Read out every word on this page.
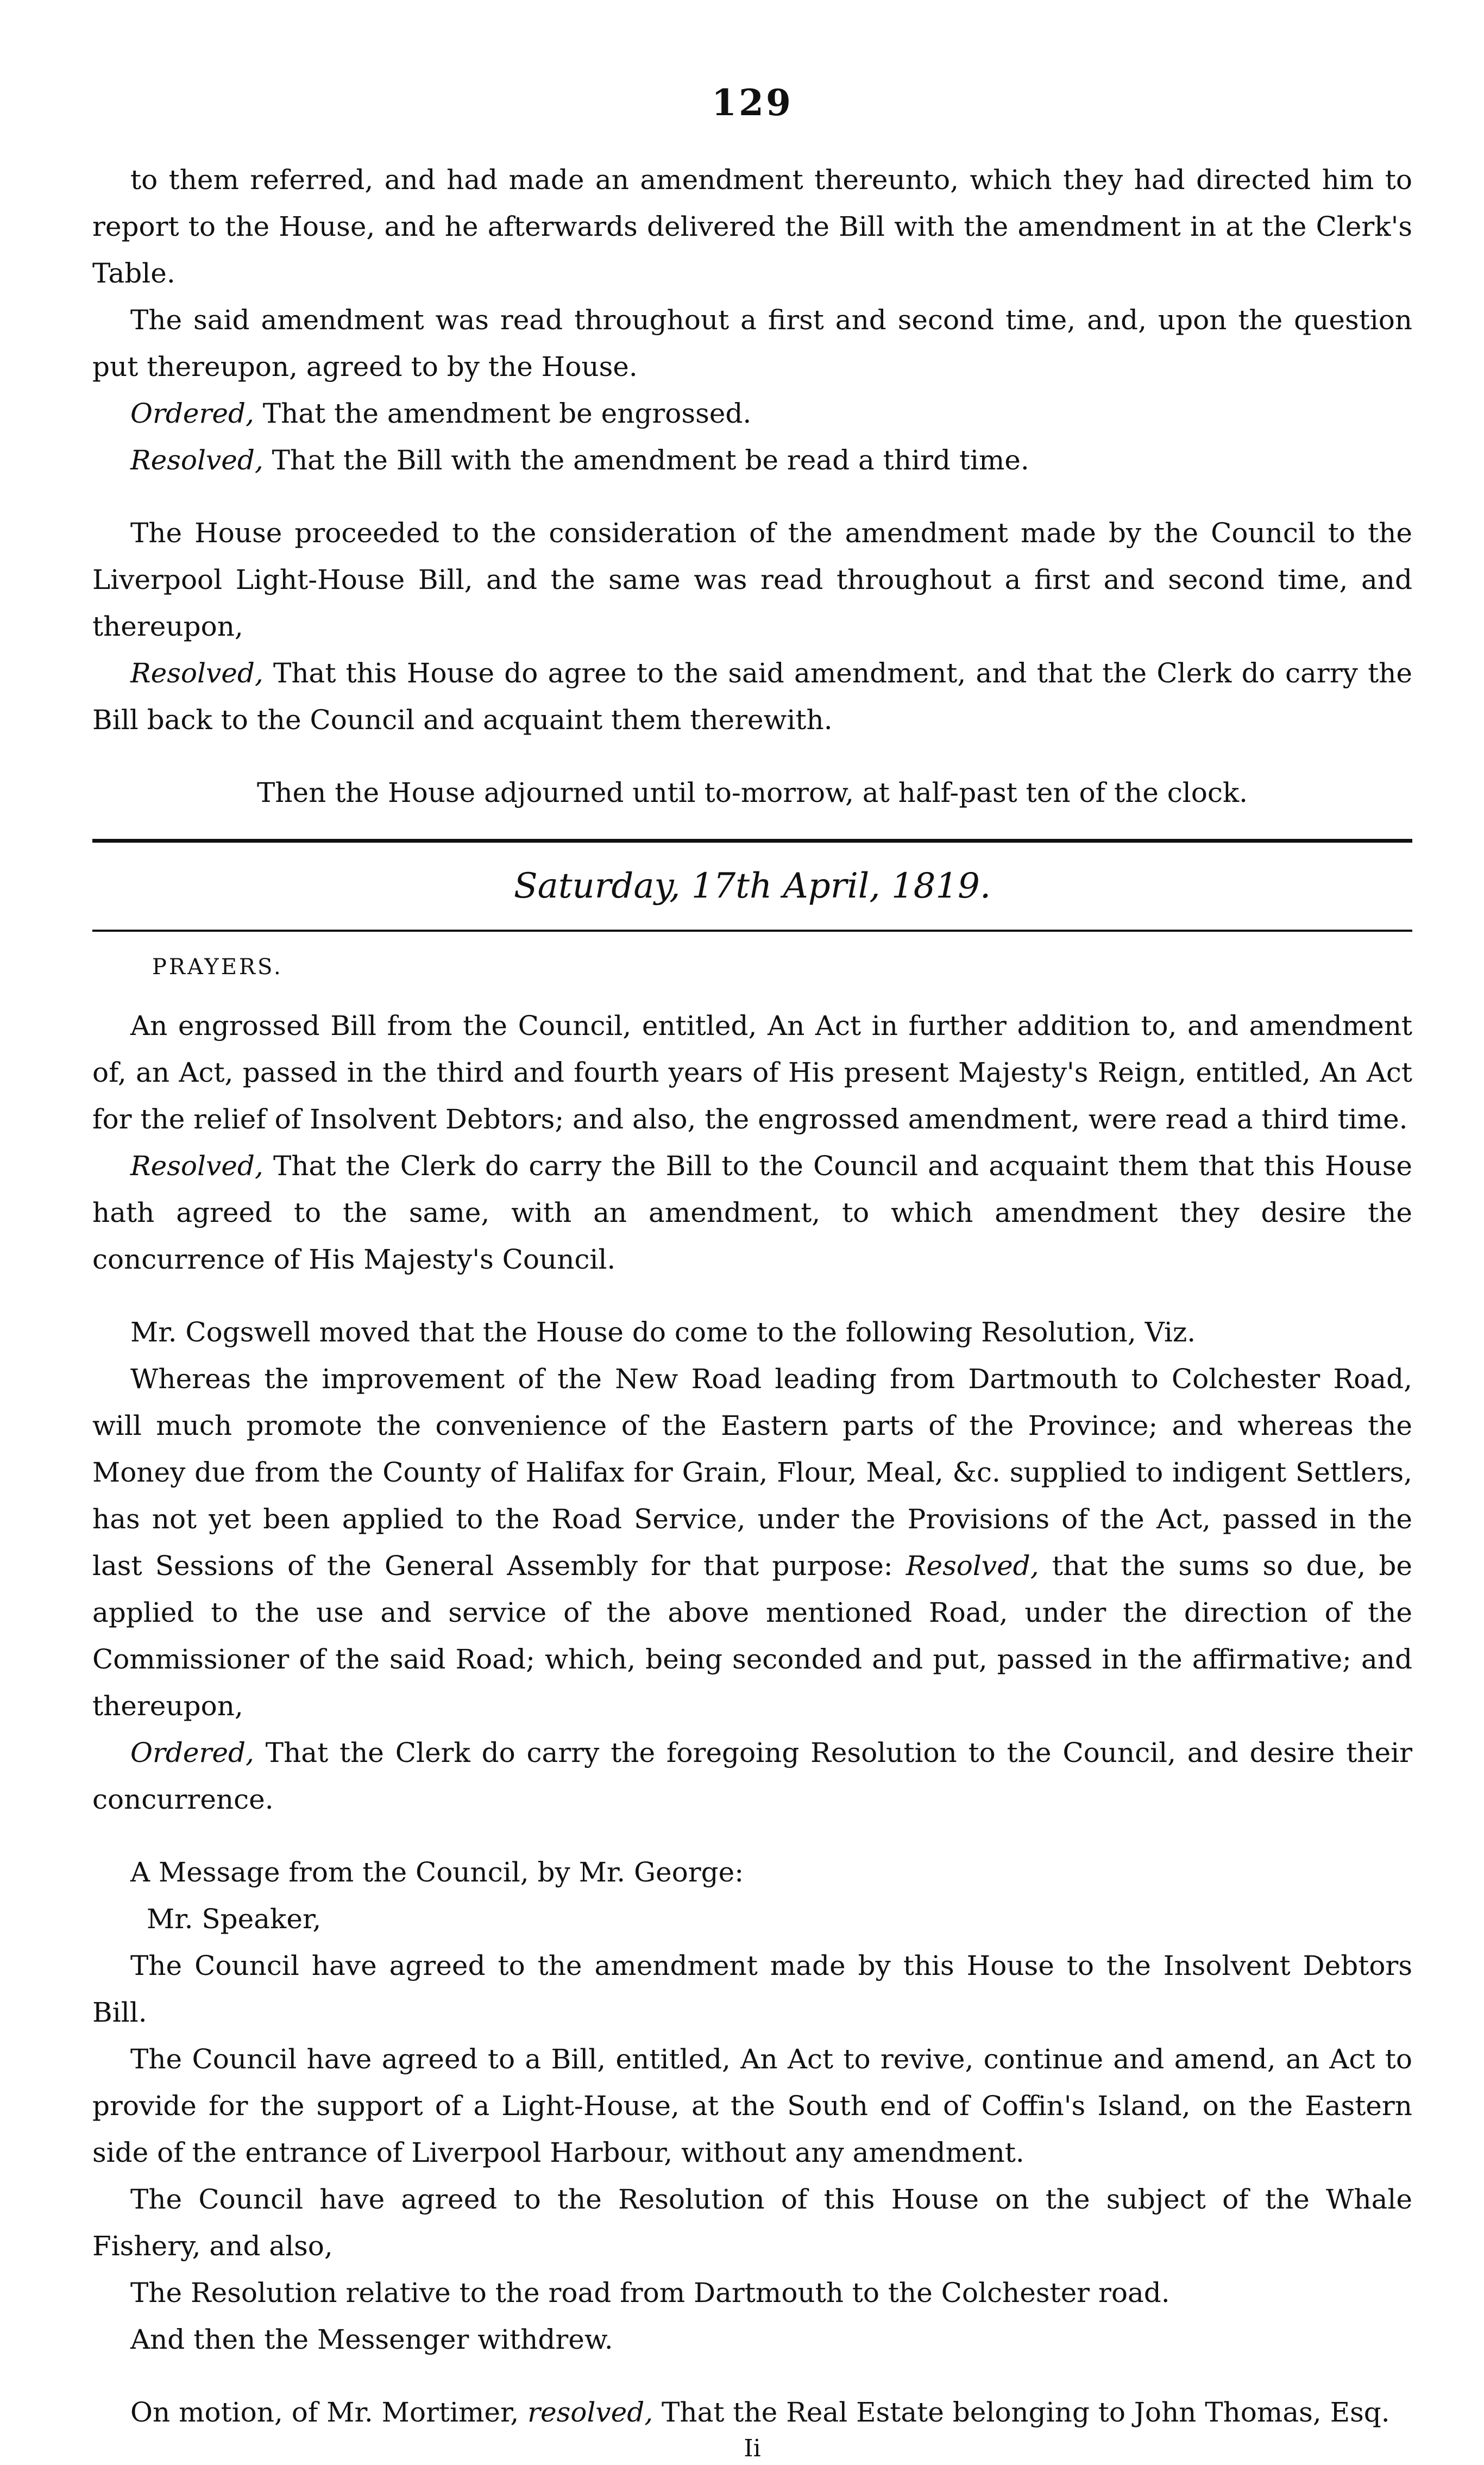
129

to them referred, and had made an amendment thereunto, which they had directed him to report to the House, and he afterwards delivered the Bill with the amendment in at the Clerk's Table.

The said amendment was read throughout a first and second time, and, upon the question put thereupon, agreed to by the House.

Ordered, That the amendment be engrossed.

Resolved, That the Bill with the amendment be read a third time.

The House proceeded to the consideration of the amendment made by the Council to the Liverpool Light-House Bill, and the same was read throughout a first and second time, and thereupon,

Resolved, That this House do agree to the said amendment, and that the Clerk do carry the Bill back to the Council and acquaint them therewith.

Then the House adjourned until to-morrow, at half-past ten of the clock.

Saturday, 17th April, 1819.
PRAYERS.

An engrossed Bill from the Council, entitled, An Act in further addition to, and amendment of, an Act, passed in the third and fourth years of His present Majesty's Reign, entitled, An Act for the relief of Insolvent Debtors; and also, the engrossed amendment, were read a third time.

Resolved, That the Clerk do carry the Bill to the Council and acquaint them that this House hath agreed to the same, with an amendment, to which amendment they desire the concurrence of His Majesty's Council.

Mr. Cogswell moved that the House do come to the following Resolution, Viz.

Whereas the improvement of the New Road leading from Dartmouth to Colchester Road, will much promote the convenience of the Eastern parts of the Province; and whereas the Money due from the County of Halifax for Grain, Flour, Meal, &c. supplied to indigent Settlers, has not yet been applied to the Road Service, under the Provisions of the Act, passed in the last Sessions of the General Assembly for that purpose: Resolved, that the sums so due, be applied to the use and service of the above mentioned Road, under the direction of the Commissioner of the said Road; which, being seconded and put, passed in the affirmative; and thereupon,

Ordered, That the Clerk do carry the foregoing Resolution to the Council, and desire their concurrence.

A Message from the Council, by Mr. George:

Mr. Speaker,

The Council have agreed to the amendment made by this House to the Insolvent Debtors Bill.

The Council have agreed to a Bill, entitled, An Act to revive, continue and amend, an Act to provide for the support of a Light-House, at the South end of Coffin's Island, on the Eastern side of the entrance of Liverpool Harbour, without any amendment.

The Council have agreed to the Resolution of this House on the subject of the Whale Fishery, and also,

The Resolution relative to the road from Dartmouth to the Colchester road.

And then the Messenger withdrew.

On motion, of Mr. Mortimer, resolved, That the Real Estate belonging to John Thomas, Esq.

Ii
